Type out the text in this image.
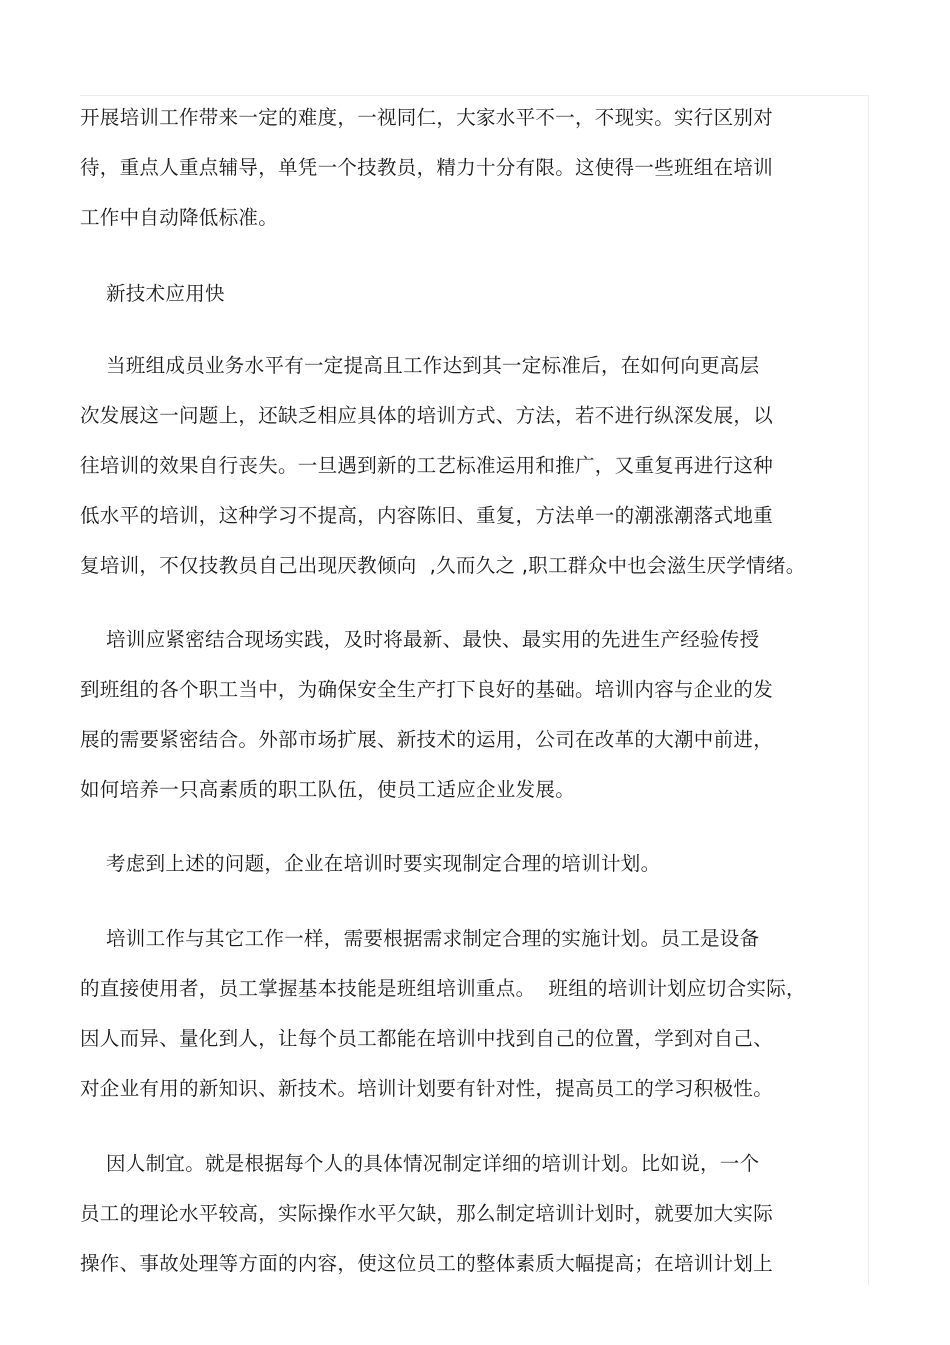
开展培训工作带来一定的难度，一视同仁，大家水平不一，不现实。实行区别对
待，重点人重点辅导，单凭一个技教员，精力十分有限。这使得一些班组在培训
工作中自动降低标准。
新技术应用快
当班组成员业务水平有一定提高且工作达到其一定标准后，在如何向更高层
次发展这一问题上，还缺乏相应具体的培训方式、方法，若不进行纵深发展，以
往培训的效果自行丧失。一旦遇到新的工艺标准运用和推广，又重复再进行这种
低水平的培训，这种学习不提高，内容陈旧、重复，方法单一的潮涨潮落式地重
复培训，不仅技教员自己出现厌教倾向  ,久而久之 ,职工群众中也会滋生厌学情绪。
培训应紧密结合现场实践，及时将最新、最快、最实用的先进生产经验传授
到班组的各个职工当中，为确保安全生产打下良好的基础。培训内容与企业的发
展的需要紧密结合。外部市场扩展、新技术的运用，公司在改革的大潮中前进，
如何培养一只高素质的职工队伍，使员工适应企业发展。
考虑到上述的问题，企业在培训时要实现制定合理的培训计划。
培训工作与其它工作一样，需要根据需求制定合理的实施计划。员工是设备
的直接使用者，员工掌握基本技能是班组培训重点。  班组的培训计划应切合实际，
因人而异、量化到人，让每个员工都能在培训中找到自己的位置，学到对自己、
对企业有用的新知识、新技术。培训计划要有针对性，提高员工的学习积极性。
因人制宜。就是根据每个人的具体情况制定详细的培训计划。比如说，一个
员工的理论水平较高，实际操作水平欠缺，那么制定培训计划时，就要加大实际
操作、事故处理等方面的内容，使这位员工的整体素质大幅提高；在培训计划上
